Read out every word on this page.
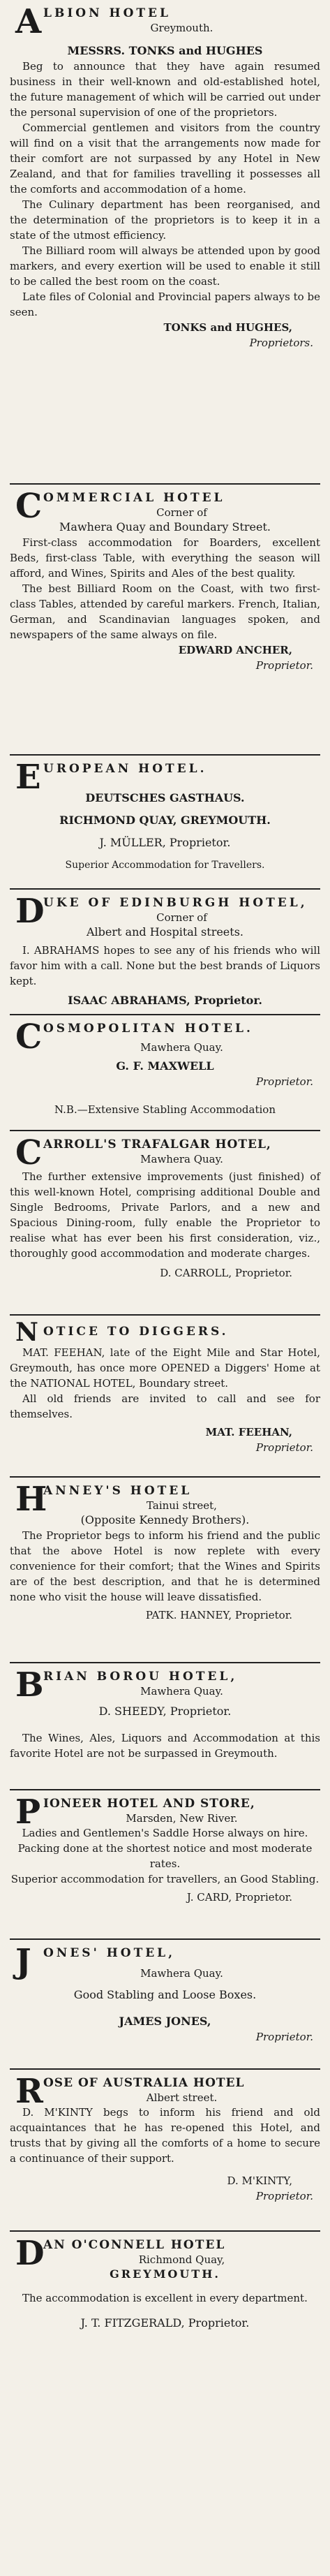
A LBION HOTEL
Greymouth.
MESSRS. TONKS and HUGHES

Beg to announce that they have again resumed business in their well-known and old-established hotel, the future management of which will be carried out under the personal supervision of one of the proprietors.

Commercial gentlemen and visitors from the country will find on a visit that the arrangements now made for their comfort are not surpassed by any Hotel in New Zealand, and that for families travelling it possesses all the comforts and accommodation of a home.

The Culinary department has been reorganised, and the determination of the proprietors is to keep it in a state of the utmost efficiency.

The Billiard room will always be attended upon by good markers, and every exertion will be used to enable it still to be called the best room on the coast.

Late files of Colonial and Provincial papers always to be seen.

TONKS and HUGHES,
Proprietors.
C OMMERCIAL HOTEL
Corner of
Mawhera Quay and Boundary Street.

First-class accommodation for Boarders, excellent Beds, first-class Table, with everything the season will afford, and Wines, Spirits and Ales of the best quality.

The best Billiard Room on the Coast, with two first-class Tables, attended by careful markers. French, Italian, German, and Scandinavian languages spoken, and newspapers of the same always on file.

EDWARD ANCHER,
Proprietor.
E UROPEAN HOTEL.
DEUTSCHES GASTHAUS.
RICHMOND QUAY, GREYMOUTH.
J. MÜLLER, Proprietor.
Superior Accommodation for Travellers.
D
UKE OF EDINBURGH HOTEL,
Corner of
Albert and Hospital streets.

I. ABRAHAMS hopes to see any of his friends who will favor him with a call. None but the best brands of Liquors kept.

ISAAC ABRAHAMS, Proprietor.
C OSMOPOLITAN HOTEL.
Mawhera Quay.
G. F. MAXWELL
Proprietor.
N.B.—Extensive Stabling Accommodation
C ARROLL'S TRAFALGAR HOTEL,
Mawhera Quay.

The further extensive improvements (just finished) of this well-known Hotel, comprising additional Double and Single Bedrooms, Private Parlors, and a new and Spacious Dining-room, fully enable the Proprietor to realise what has ever been his first consideration, viz., thoroughly good accommodation and moderate charges.

D. CARROLL, Proprietor.
N OTICE TO DIGGERS.

MAT. FEEHAN, late of the Eight Mile and Star Hotel, Greymouth, has once more OPENED a Diggers' Home at the NATIONAL HOTEL, Boundary street.

All old friends are invited to call and see for themselves.

MAT. FEEHAN,
Proprietor.
H
ANNEY'S HOTEL
Tainui street,
(Opposite Kennedy Brothers).

The Proprietor begs to inform his friend and the public that the above Hotel is now replete with every convenience for their comfort; that the Wines and Spirits are of the best description, and that he is determined none who visit the house will leave dissatisfied.

PATK. HANNEY, Proprietor.
B RIAN BOROU HOTEL,
Mawhera Quay.
D. SHEEDY, Proprietor.

The Wines, Ales, Liquors and Accommodation at this favorite Hotel are not be surpassed in Greymouth.

P IONEER HOTEL AND STORE,
Marsden, New River.
Ladies and Gentlemen's Saddle Horse always on hire.
Packing done at the shortest notice and most moderate rates.
Superior accommodation for travellers, an Good Stabling.
J. CARD, Proprietor.
J ONES' HOTEL,
Mawhera Quay.
Good Stabling and Loose Boxes.
JAMES JONES,
Proprietor.
R OSE OF AUSTRALIA HOTEL
Albert street.

D. M'KINTY begs to inform his friend and old acquaintances that he has re-opened this Hotel, and trusts that by giving all the comforts of a home to secure a continuance of their support.

D. M'KINTY,
Proprietor.
D
AN O'CONNELL HOTEL
Richmond Quay,
GREYMOUTH.

The accommodation is excellent in every department.

J. T. FITZGERALD, Proprietor.
